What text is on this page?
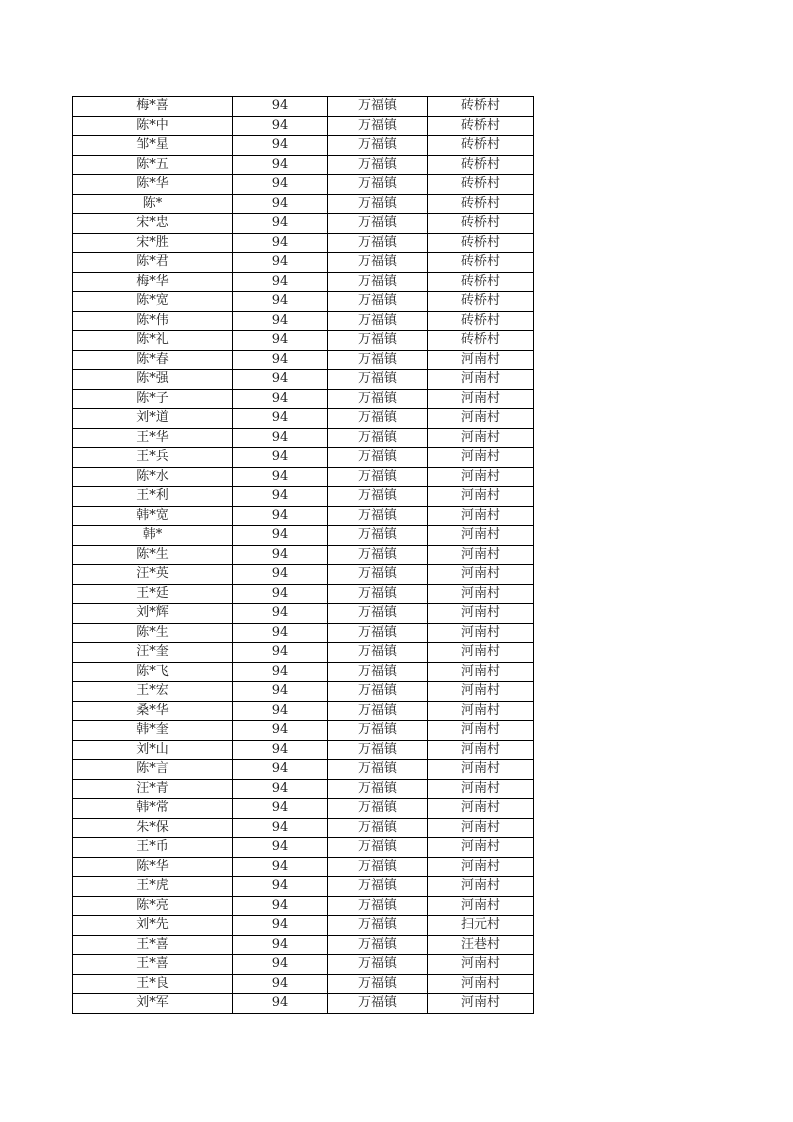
梅*喜	94	万福镇	砖桥村
陈*中	94	万福镇	砖桥村
邹*星	94	万福镇	砖桥村
陈*五	94	万福镇	砖桥村
陈*华	94	万福镇	砖桥村
陈*	94	万福镇	砖桥村
宋*忠	94	万福镇	砖桥村
宋*胜	94	万福镇	砖桥村
陈*君	94	万福镇	砖桥村
梅*华	94	万福镇	砖桥村
陈*宽	94	万福镇	砖桥村
陈*伟	94	万福镇	砖桥村
陈*礼	94	万福镇	砖桥村
陈*春	94	万福镇	河南村
陈*强	94	万福镇	河南村
陈*子	94	万福镇	河南村
刘*道	94	万福镇	河南村
王*华	94	万福镇	河南村
王*兵	94	万福镇	河南村
陈*水	94	万福镇	河南村
王*利	94	万福镇	河南村
韩*宽	94	万福镇	河南村
韩*	94	万福镇	河南村
陈*生	94	万福镇	河南村
汪*英	94	万福镇	河南村
王*廷	94	万福镇	河南村
刘*辉	94	万福镇	河南村
陈*生	94	万福镇	河南村
汪*奎	94	万福镇	河南村
陈*飞	94	万福镇	河南村
王*宏	94	万福镇	河南村
桑*华	94	万福镇	河南村
韩*奎	94	万福镇	河南村
刘*山	94	万福镇	河南村
陈*言	94	万福镇	河南村
汪*青	94	万福镇	河南村
韩*常	94	万福镇	河南村
朱*保	94	万福镇	河南村
王*币	94	万福镇	河南村
陈*华	94	万福镇	河南村
王*虎	94	万福镇	河南村
陈*亮	94	万福镇	河南村
刘*先	94	万福镇	扫元村
王*喜	94	万福镇	汪巷村
王*喜	94	万福镇	河南村
王*良	94	万福镇	河南村
刘*军	94	万福镇	河南村
